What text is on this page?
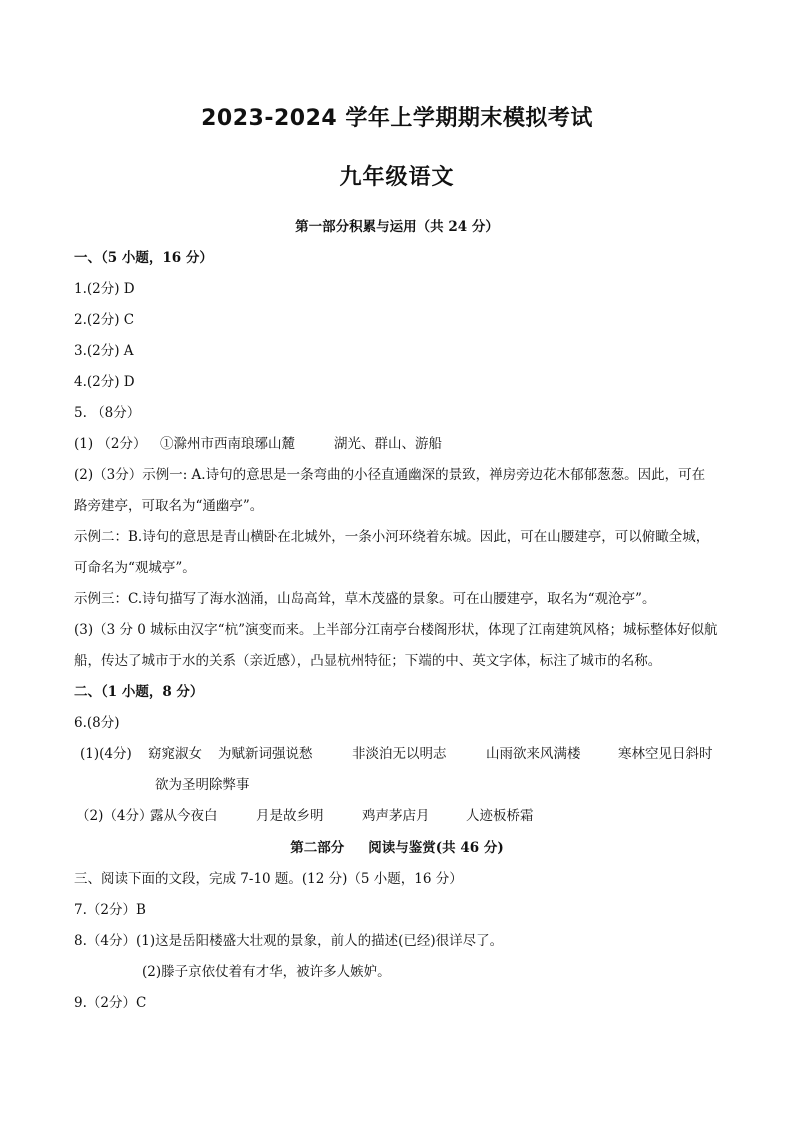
2023-2024 学年上学期期末模拟考试
九年级语文
第一部分积累与运用（共 24 分）
一、（5 小题，16 分）
1.(2分) D
2.(2分) C
3.(2分) A
4.(2分) D
5. （8分）
(1) （2分） ①滁州市西南琅琊山麓	湖光、群山、游船
(2)（3分）示例一: A.诗句的意思是一条弯曲的小径直通幽深的景致，禅房旁边花木郁郁葱葱。因此，可在
路旁建亭，可取名为“通幽亭”。
示例二：B.诗句的意思是青山横卧在北城外，一条小河环绕着东城。因此，可在山腰建亭，可以俯瞰全城，
可命名为“观城亭”。
示例三：C.诗句描写了海水汹涌，山岛高耸，草木茂盛的景象。可在山腰建亭，取名为“观沧亭”。
(3)（3 分 0 城标由汉字“杭”演变而来。上半部分江南亭台楼阁形状，体现了江南建筑风格；城标整体好似航
船，传达了城市于水的关系（亲近感），凸显杭州特征；下端的中、英文字体，标注了城市的名称。
二、（1 小题，8 分）
6.(8分)
(1)(4分) 窈窕淑女 为赋新词强说愁	非淡泊无以明志	山雨欲来风满楼	寒林空见日斜时
欲为圣明除弊事
（2)（4分）露从今夜白	月是故乡明	鸡声茅店月	人迹板桥霜
第二部分 阅读与鉴赏(共 46 分)
三、阅读下面的文段，完成 7-10 题。(12 分)（5 小题，16 分）
7.（2分）B
8.（4分）(1)这是岳阳楼盛大壮观的景象，前人的描述(已经)很详尽了。
(2)滕子京依仗着有才华，被许多人嫉妒。
9.（2分）C
